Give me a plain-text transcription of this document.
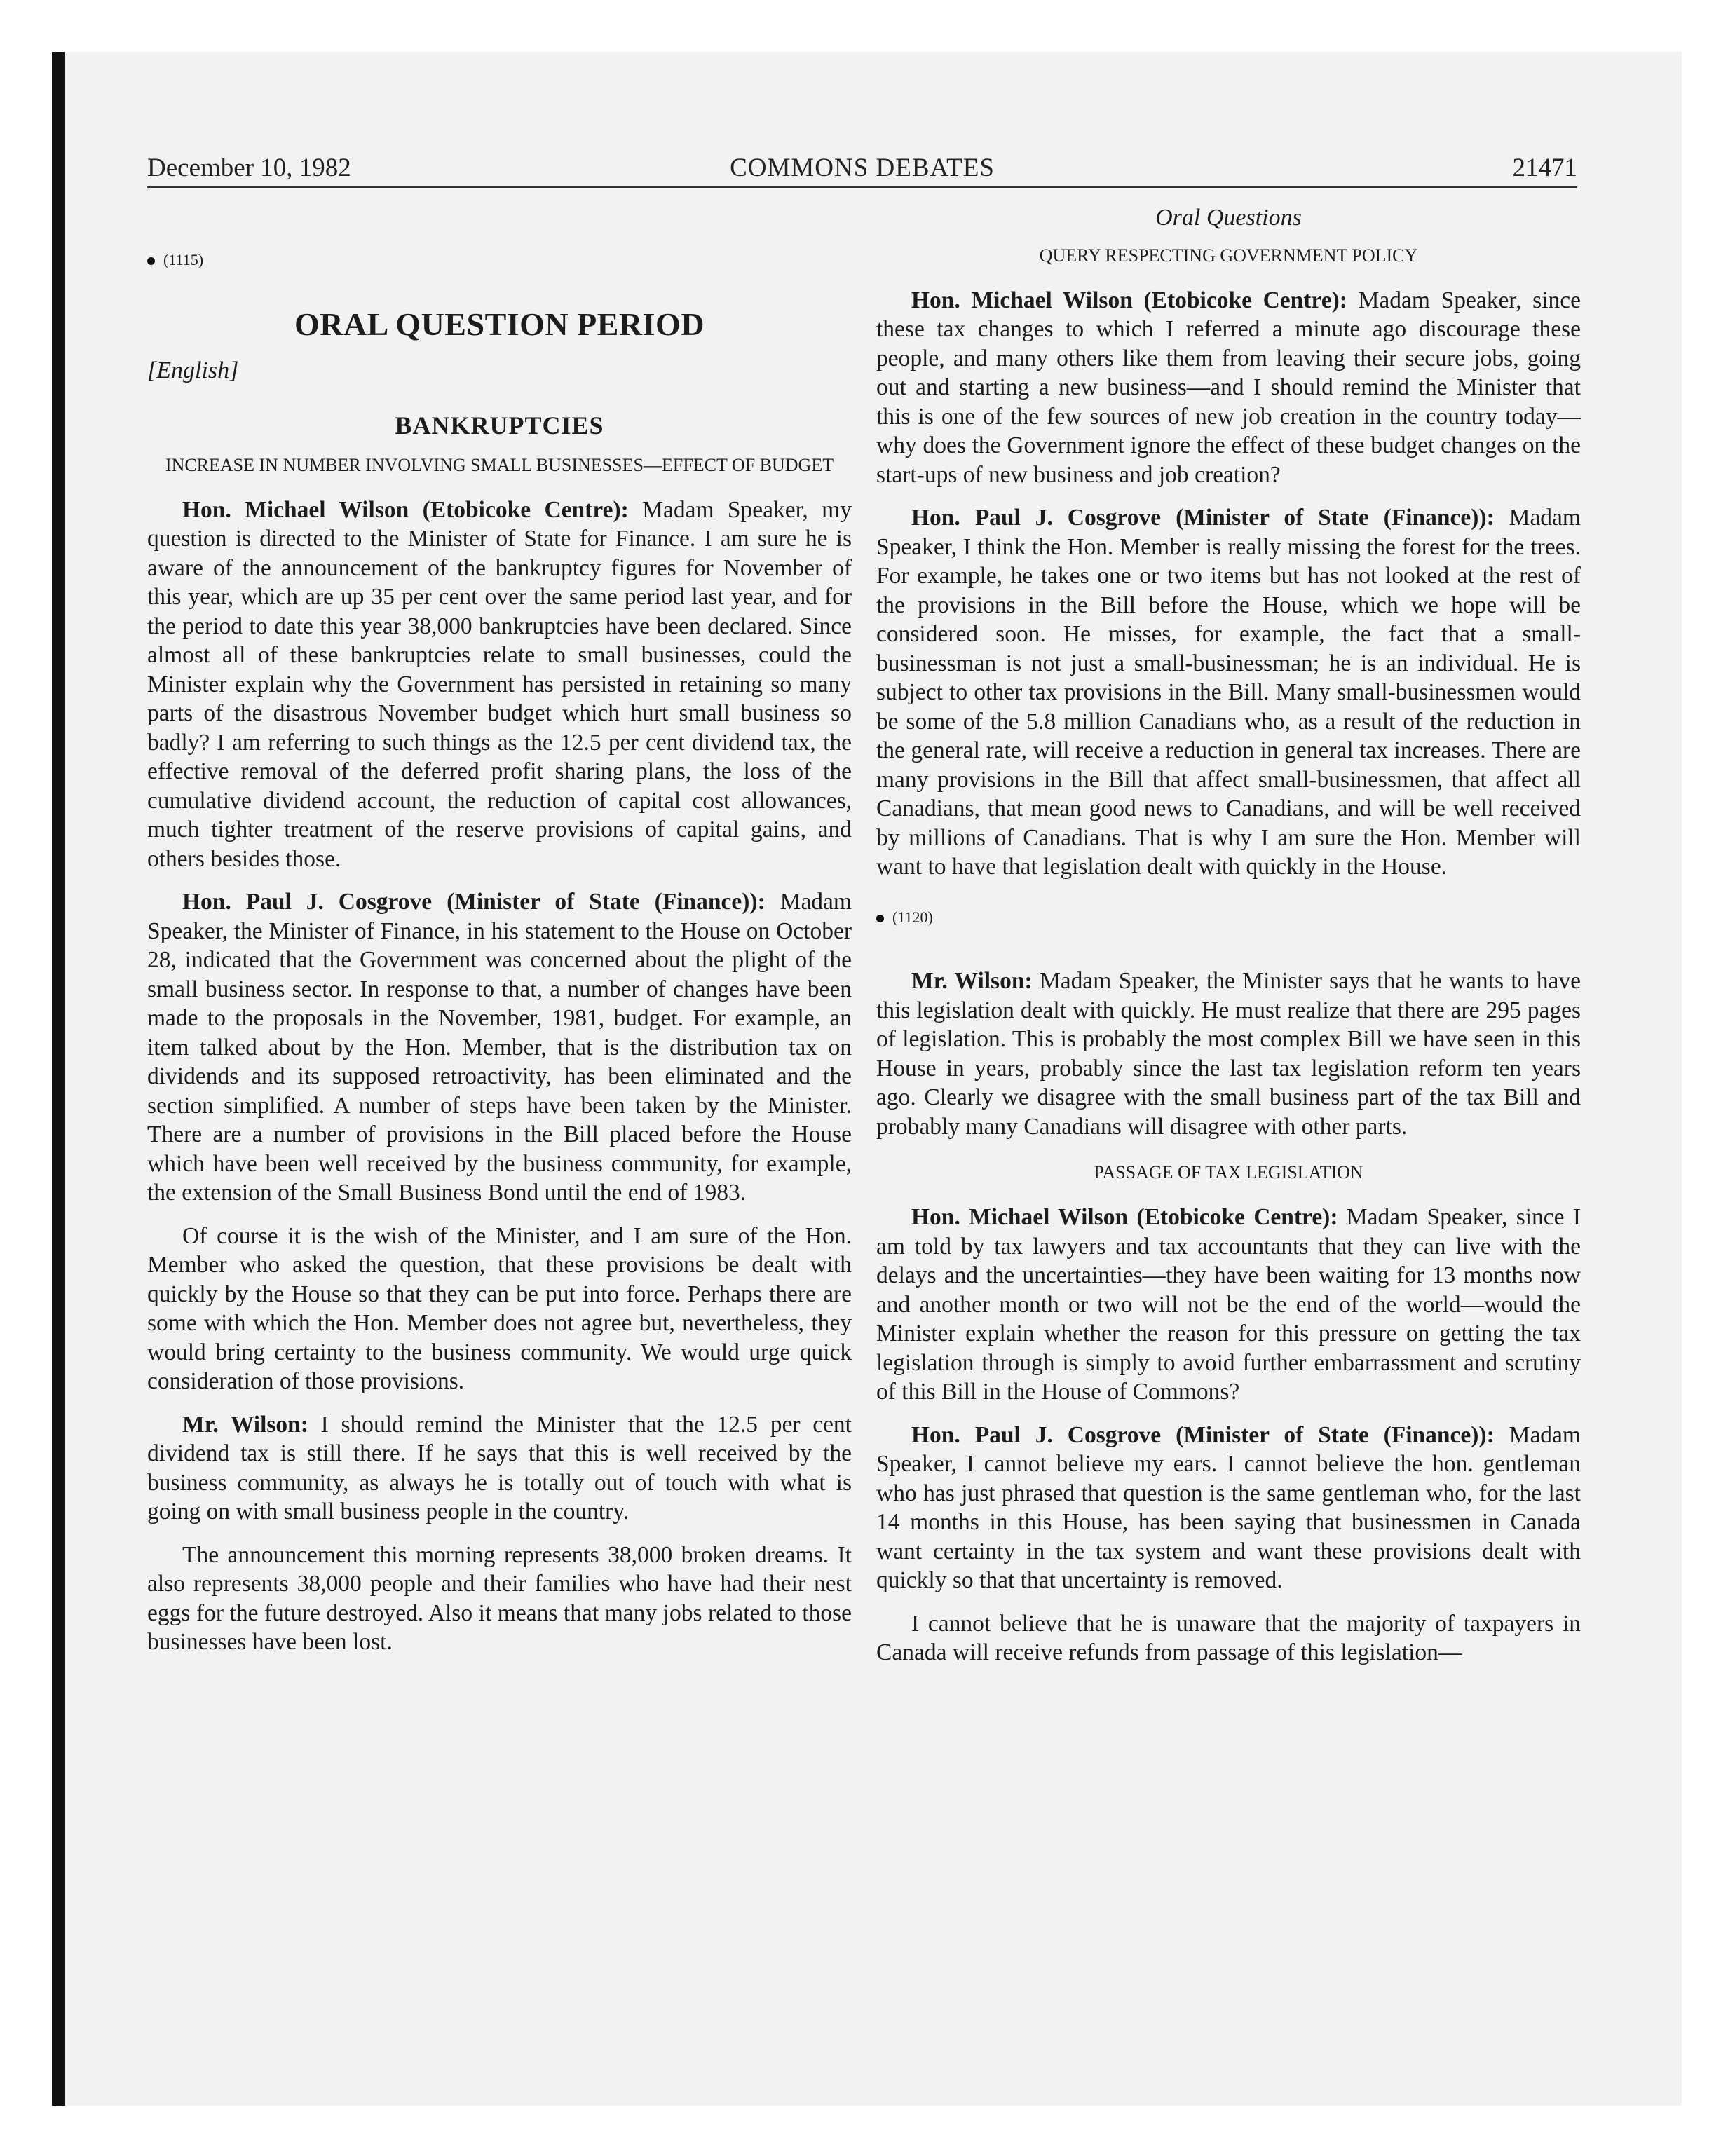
December 10, 1982	COMMONS DEBATES	21471

(1115)

ORAL QUESTION PERIOD

[English]

BANKRUPTCIES

INCREASE IN NUMBER INVOLVING SMALL BUSINESSES—EFFECT OF BUDGET

Hon. Michael Wilson (Etobicoke Centre): Madam Speaker, my question is directed to the Minister of State for Finance. I am sure he is aware of the announcement of the bankruptcy figures for November of this year, which are up 35 per cent over the same period last year, and for the period to date this year 38,000 bankruptcies have been declared. Since almost all of these bankruptcies relate to small businesses, could the Minister explain why the Government has persisted in retaining so many parts of the disastrous November budget which hurt small business so badly? I am referring to such things as the 12.5 per cent dividend tax, the effective removal of the deferred profit sharing plans, the loss of the cumulative dividend account, the reduction of capital cost allowances, much tighter treatment of the reserve provisions of capital gains, and others besides those.

Hon. Paul J. Cosgrove (Minister of State (Finance)): Madam Speaker, the Minister of Finance, in his statement to the House on October 28, indicated that the Government was concerned about the plight of the small business sector. In response to that, a number of changes have been made to the proposals in the November, 1981, budget. For example, an item talked about by the Hon. Member, that is the distribution tax on dividends and its supposed retroactivity, has been eliminated and the section simplified. A number of steps have been taken by the Minister. There are a number of provisions in the Bill placed before the House which have been well received by the business community, for example, the extension of the Small Business Bond until the end of 1983.

Of course it is the wish of the Minister, and I am sure of the Hon. Member who asked the question, that these provisions be dealt with quickly by the House so that they can be put into force. Perhaps there are some with which the Hon. Member does not agree but, nevertheless, they would bring certainty to the business community. We would urge quick consideration of those provisions.

Mr. Wilson: I should remind the Minister that the 12.5 per cent dividend tax is still there. If he says that this is well received by the business community, as always he is totally out of touch with what is going on with small business people in the country.

The announcement this morning represents 38,000 broken dreams. It also represents 38,000 people and their families who have had their nest eggs for the future destroyed. Also it means that many jobs related to those businesses have been lost.

Oral Questions

QUERY RESPECTING GOVERNMENT POLICY

Hon. Michael Wilson (Etobicoke Centre): Madam Speaker, since these tax changes to which I referred a minute ago discourage these people, and many others like them from leaving their secure jobs, going out and starting a new business—and I should remind the Minister that this is one of the few sources of new job creation in the country today—why does the Government ignore the effect of these budget changes on the start-ups of new business and job creation?

Hon. Paul J. Cosgrove (Minister of State (Finance)): Madam Speaker, I think the Hon. Member is really missing the forest for the trees. For example, he takes one or two items but has not looked at the rest of the provisions in the Bill before the House, which we hope will be considered soon. He misses, for example, the fact that a small-businessman is not just a small-businessman; he is an individual. He is subject to other tax provisions in the Bill. Many small-businessmen would be some of the 5.8 million Canadians who, as a result of the reduction in the general rate, will receive a reduction in general tax increases. There are many provisions in the Bill that affect small-businessmen, that affect all Canadians, that mean good news to Canadians, and will be well received by millions of Canadians. That is why I am sure the Hon. Member will want to have that legislation dealt with quickly in the House.

(1120)

Mr. Wilson: Madam Speaker, the Minister says that he wants to have this legislation dealt with quickly. He must realize that there are 295 pages of legislation. This is probably the most complex Bill we have seen in this House in years, probably since the last tax legislation reform ten years ago. Clearly we disagree with the small business part of the tax Bill and probably many Canadians will disagree with other parts.

PASSAGE OF TAX LEGISLATION

Hon. Michael Wilson (Etobicoke Centre): Madam Speaker, since I am told by tax lawyers and tax accountants that they can live with the delays and the uncertainties—they have been waiting for 13 months now and another month or two will not be the end of the world—would the Minister explain whether the reason for this pressure on getting the tax legislation through is simply to avoid further embarrassment and scrutiny of this Bill in the House of Commons?

Hon. Paul J. Cosgrove (Minister of State (Finance)): Madam Speaker, I cannot believe my ears. I cannot believe the hon. gentleman who has just phrased that question is the same gentleman who, for the last 14 months in this House, has been saying that businessmen in Canada want certainty in the tax system and want these provisions dealt with quickly so that that uncertainty is removed.

I cannot believe that he is unaware that the majority of taxpayers in Canada will receive refunds from passage of this legislation—
